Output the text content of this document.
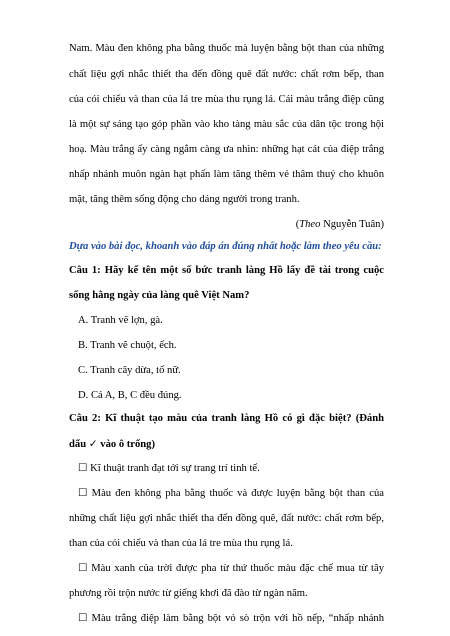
Nam. Màu đen không pha bằng thuốc mà luyện bằng bột than của những
chất liệu gợi nhắc thiết tha đến đồng quê đất nước: chất rơm bếp, than
của cói chiếu và than của lá tre mùa thu rụng lá. Cái màu trắng điệp cũng
là một sự sáng tạo góp phần vào kho tàng màu sắc của dân tộc trong hội
hoạ. Màu trắng ấy càng ngắm càng ưa nhìn: những hạt cát của điệp trắng
nhấp nhánh muôn ngàn hạt phấn làm tăng thêm vẻ thâm thuý cho khuôn
mặt, tăng thêm sống động cho dáng người trong tranh.
(Theo Nguyễn Tuân)
Dựa vào bài đọc, khoanh vào đáp án đúng nhất hoặc làm theo yêu cầu:
Câu 1: Hãy kể tên một số bức tranh làng Hồ lấy đề tài trong cuộc
sống hằng ngày của làng quê Việt Nam?
A. Tranh vẽ lợn, gà.
B. Tranh vẽ chuột, ếch.
C. Tranh cây dừa, tố nữ.
D. Cả A, B, C đều đúng.
Câu 2: Kĩ thuật tạo màu của tranh làng Hồ có gì đặc biệt? (Đánh
dấu ✓ vào ô trống)
☐ Kĩ thuật tranh đạt tới sự trang trí tinh tế.
☐ Màu đen không pha bằng thuốc và được luyện bằng bột than của
những chất liệu gợi nhắc thiết tha đến đồng quê, đất nước: chất rơm bếp,
than của cói chiếu và than của lá tre mùa thu rụng lá.
☐ Màu xanh của trời được pha từ thứ thuốc màu đặc chế mua từ tây
phương rồi trộn nước từ giếng khơi đã đào từ ngàn năm.
☐ Màu trắng điệp làm bằng bột vỏ sò trộn với hồ nếp, “nhấp nhánh
